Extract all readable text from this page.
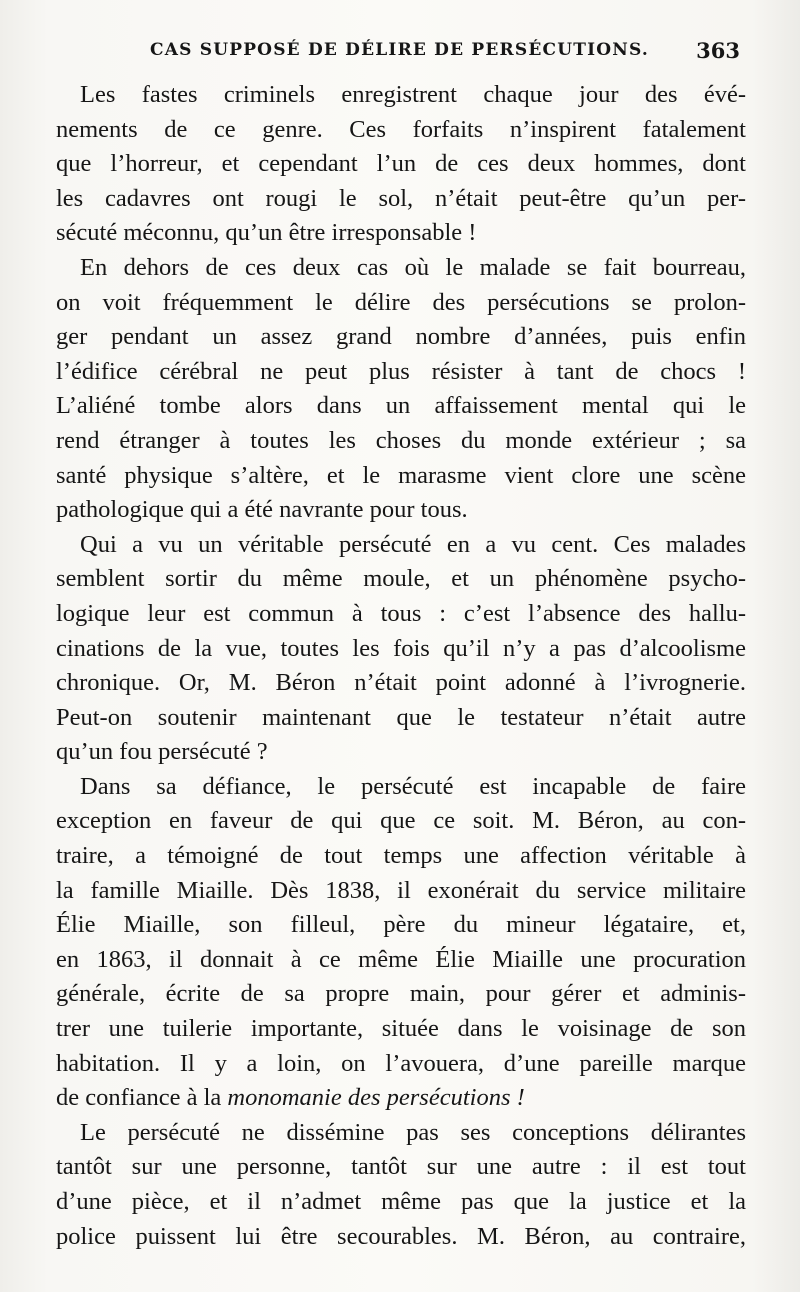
CAS SUPPOSÉ DE DÉLIRE DE PERSÉCUTIONS. 363
Les fastes criminels enregistrent chaque jour des évé-
nements de ce genre. Ces forfaits n’inspirent fatalement
que l’horreur, et cependant l’un de ces deux hommes, dont
les cadavres ont rougi le sol, n’était peut-être qu’un per-
sécuté méconnu, qu’un être irresponsable !
En dehors de ces deux cas où le malade se fait bourreau,
on voit fréquemment le délire des persécutions se prolon-
ger pendant un assez grand nombre d’années, puis enfin
l’édifice cérébral ne peut plus résister à tant de chocs !
L’aliéné tombe alors dans un affaissement mental qui le
rend étranger à toutes les choses du monde extérieur ; sa
santé physique s’altère, et le marasme vient clore une scène
pathologique qui a été navrante pour tous.
Qui a vu un véritable persécuté en a vu cent. Ces malades
semblent sortir du même moule, et un phénomène psycho-
logique leur est commun à tous : c’est l’absence des hallu-
cinations de la vue, toutes les fois qu’il n’y a pas d’alcoolisme
chronique. Or, M. Béron n’était point adonné à l’ivrognerie.
Peut-on soutenir maintenant que le testateur n’était autre
qu’un fou persécuté ?
Dans sa défiance, le persécuté est incapable de faire
exception en faveur de qui que ce soit. M. Béron, au con-
traire, a témoigné de tout temps une affection véritable à
la famille Miaille. Dès 1838, il exonérait du service militaire
Élie Miaille, son filleul, père du mineur légataire, et,
en 1863, il donnait à ce même Élie Miaille une procuration
générale, écrite de sa propre main, pour gérer et adminis-
trer une tuilerie importante, située dans le voisinage de son
habitation. Il y a loin, on l’avouera, d’une pareille marque
de confiance à la monomanie des persécutions !
Le persécuté ne dissémine pas ses conceptions délirantes
tantôt sur une personne, tantôt sur une autre : il est tout
d’une pièce, et il n’admet même pas que la justice et la
police puissent lui être secourables. M. Béron, au contraire,
